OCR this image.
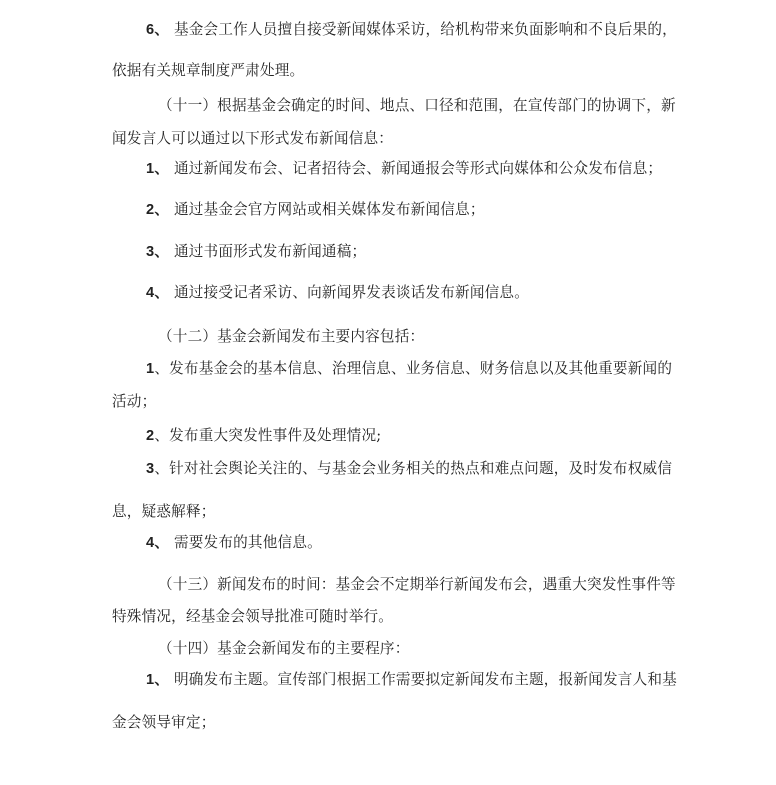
6、 基金会工作人员擅自接受新闻媒体采访，给机构带来负面影响和不良后果的，

依据有关规章制度严肃处理。

（十一）根据基金会确定的时间、地点、口径和范围，在宣传部门的协调下，新

闻发言人可以通过以下形式发布新闻信息：

1、 通过新闻发布会、记者招待会、新闻通报会等形式向媒体和公众发布信息；

2、 通过基金会官方网站或相关媒体发布新闻信息；

3、 通过书面形式发布新闻通稿；

4、 通过接受记者采访、向新闻界发表谈话发布新闻信息。

（十二）基金会新闻发布主要内容包括：

1、发布基金会的基本信息、治理信息、业务信息、财务信息以及其他重要新闻的

活动；

2、发布重大突发性事件及处理情况;

3、针对社会舆论关注的、与基金会业务相关的热点和难点问题，及时发布权威信

息，疑惑解释；

4、 需要发布的其他信息。

（十三）新闻发布的时间：基金会不定期举行新闻发布会，遇重大突发性事件等

特殊情况，经基金会领导批准可随时举行。

（十四）基金会新闻发布的主要程序：

1、 明确发布主题。宣传部门根据工作需要拟定新闻发布主题，报新闻发言人和基

金会领导审定；
